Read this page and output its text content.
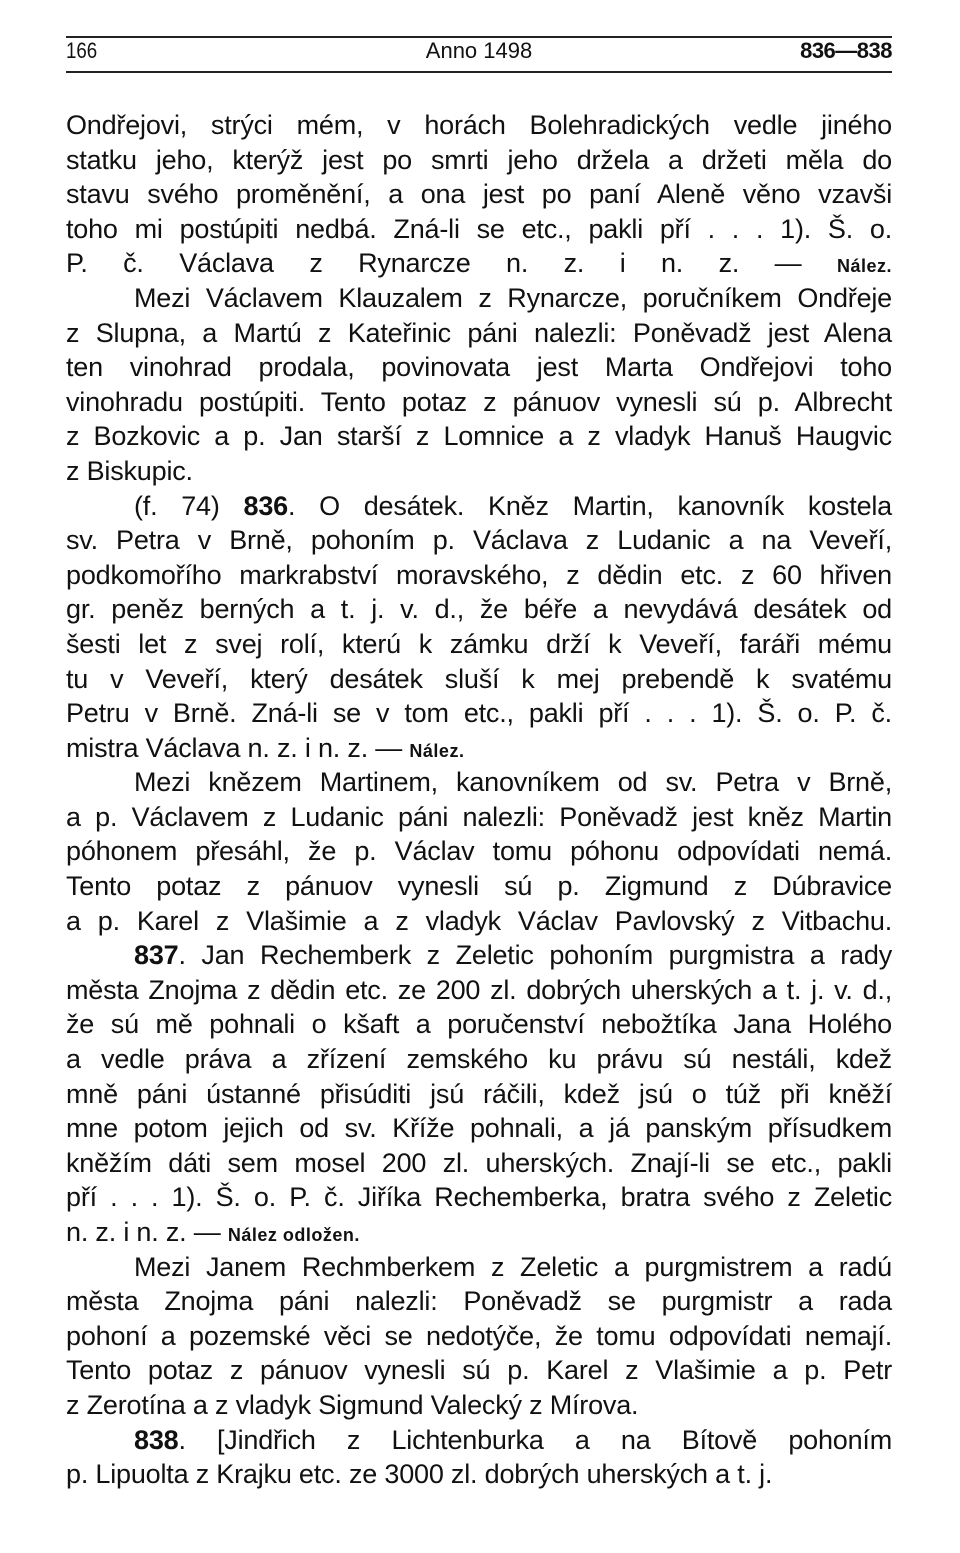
166	Anno 1498	836—838
Ondřejovi, strýci mém, v horách Bolehradických vedle jiného
statku jeho, kterýž jest po smrti jeho držela a držeti měla do
stavu svého proměnění, a ona jest po paní Aleně věno vzavši
toho mi postúpiti nedbá. Zná-li se etc., pakli pří . . . 1). Š. o.
P. č. Václava z Rynarcze n. z. i n. z. — Nález.
Mezi Václavem Klauzalem z Rynarcze, poručníkem Ondřeje
z Slupna, a Martú z Kateřinic páni nalezli: Poněvadž jest Alena
ten vinohrad prodala, povinovata jest Marta Ondřejovi toho
vinohradu postúpiti. Tento potaz z pánuov vynesli sú p. Albrecht
z Bozkovic a p. Jan starší z Lomnice a z vladyk Hanuš Haugvic
z Biskupic.
(f. 74) 836. O desátek. Kněz Martin, kanovník kostela
sv. Petra v Brně, pohoním p. Václava z Ludanic a na Veveří,
podkomořího markrabství moravského, z dědin etc. z 60 hřiven
gr. peněz berných a t. j. v. d., že béře a nevydává desátek od
šesti let z svej rolí, kterú k zámku drží k Veveří, faráři mému
tu v Veveří, který desátek sluší k mej prebendě k svatému
Petru v Brně. Zná-li se v tom etc., pakli pří . . . 1). Š. o. P. č.
mistra Václava n. z. i n. z. — Nález.
Mezi knězem Martinem, kanovníkem od sv. Petra v Brně,
a p. Václavem z Ludanic páni nalezli: Poněvadž jest kněz Martin
póhonem přesáhl, že p. Václav tomu póhonu odpovídati nemá.
Tento potaz z pánuov vynesli sú p. Zigmund z Dúbravice
a p. Karel z Vlašimie a z vladyk Václav Pavlovský z Vitbachu.
837. Jan Rechemberk z Zeletic pohoním purgmistra a rady
města Znojma z dědin etc. ze 200 zl. dobrých uherských a t. j. v. d.,
že sú mě pohnali o kšaft a poručenství nebožtíka Jana Holého
a vedle práva a zřízení zemského ku právu sú nestáli, kdež
mně páni ústanné přisúditi jsú ráčili, kdež jsú o túž při kněží
mne potom jejich od sv. Kříže pohnali, a já panským přísudkem
kněžím dáti sem mosel 200 zl. uherských. Znají-li se etc., pakli
pří . . . 1). Š. o. P. č. Jiříka Rechemberka, bratra svého z Zeletic
n. z. i n. z. — Nález odložen.
Mezi Janem Rechmberkem z Zeletic a purgmistrem a radú
města Znojma páni nalezli: Poněvadž se purgmistr a rada
pohoní a pozemské věci se nedotýče, že tomu odpovídati nemají.
Tento potaz z pánuov vynesli sú p. Karel z Vlašimie a p. Petr
z Zerotína a z vladyk Sigmund Valecký z Mírova.
838. [Jindřich z Lichtenburka a na Bítově pohoním
p. Lipuolta z Krajku etc. ze 3000 zl. dobrých uherských a t. j.
